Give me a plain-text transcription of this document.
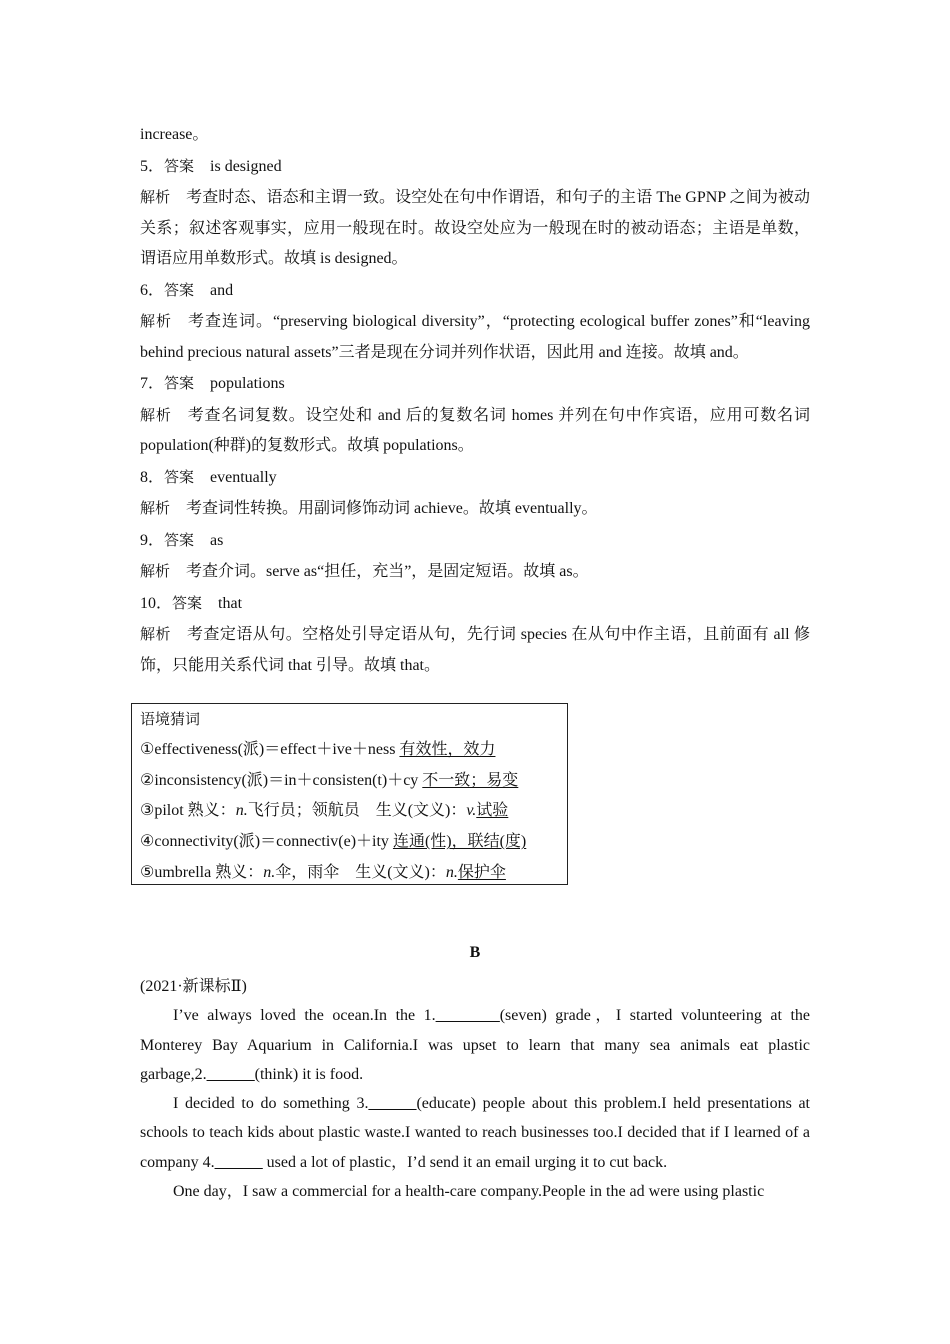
increase。

5．答案 is designed

解析 考查时态、语态和主谓一致。设空处在句中作谓语，和句子的主语 The GPNP 之间为被动关系；叙述客观事实，应用一般现在时。故设空处应为一般现在时的被动语态；主语是单数，谓语应用单数形式。故填 is designed。

6．答案 and

解析 考查连词。“preserving biological diversity”，“protecting ecological buffer zones”和“leaving behind precious natural assets”三者是现在分词并列作状语，因此用 and 连接。故填 and。

7．答案 populations

解析 考查名词复数。设空处和 and 后的复数名词 homes 并列在句中作宾语，应用可数名词 population(种群)的复数形式。故填 populations。

8．答案 eventually

解析 考查词性转换。用副词修饰动词 achieve。故填 eventually。

9．答案 as

解析 考查介词。serve as“担任，充当”，是固定短语。故填 as。

10．答案 that

解析 考查定语从句。空格处引导定语从句，先行词 species 在从句中作主语，且前面有 all 修饰，只能用关系代词 that 引导。故填 that。

语境猜词
①effectiveness(派)＝effect＋ive＋ness 有效性，效力
②inconsistency(派)＝in＋consisten(t)＋cy 不一致；易变
③pilot 熟义：n.飞行员；领航员　生义(文义)：v.试验
④connectivity(派)＝connectiv(e)＋ity 连通(性)，联结(度)
⑤umbrella 熟义：n.伞，雨伞　生义(文义)：n.保护伞
B

(2021·新课标Ⅱ)

I’ve always loved the ocean.In the 1.________(seven) grade，I started volunteering at the Monterey Bay Aquarium in California.I was upset to learn that many sea animals eat plastic garbage,2.______(think) it is food.

I decided to do something 3.______(educate) people about this problem.I held presentations at schools to teach kids about plastic waste.I wanted to reach businesses too.I decided that if I learned of a company 4.______ used a lot of plastic，I’d send it an email urging it to cut back.

One day，I saw a commercial for a health-care company.People in the ad were using plastic
